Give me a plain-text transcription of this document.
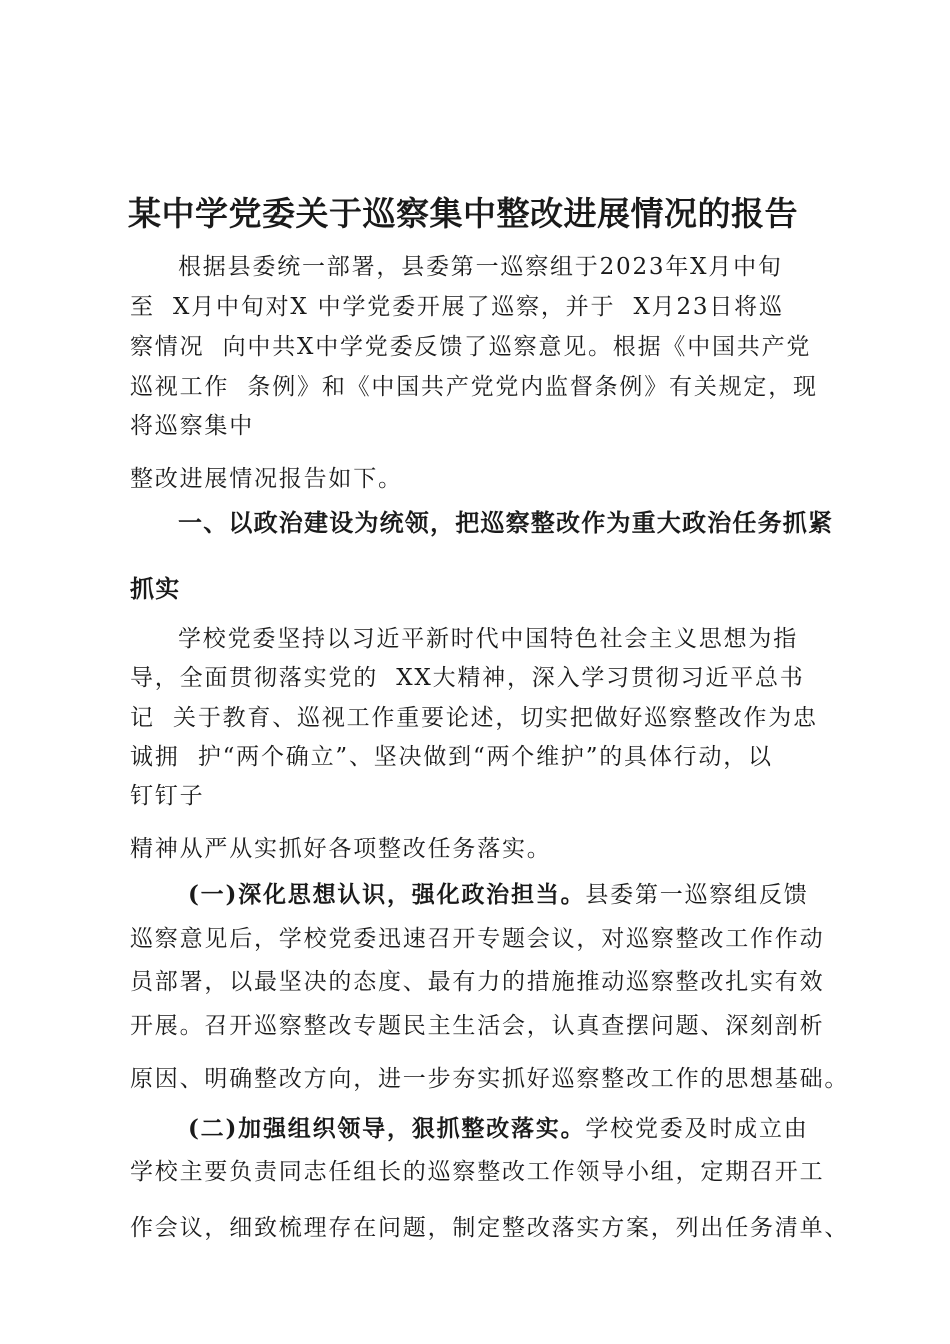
某中学党委关于巡察集中整改进展情况的报告
根据县委统一部署，县委第一巡察组于2023年X月中旬
至  X月中旬对X 中学党委开展了巡察，并于  X月23日将巡
察情况  向中共X中学党委反馈了巡察意见。根据《中国共产党
巡视工作  条例》和《中国共产党党内监督条例》有关规定，现
将巡察集中
整改进展情况报告如下。
一、以政治建设为统领，把巡察整改作为重大政治任务抓紧
抓实
学校党委坚持以习近平新时代中国特色社会主义思想为指
导，全面贯彻落实党的  XX大精神，深入学习贯彻习近平总书
记  关于教育、巡视工作重要论述，切实把做好巡察整改作为忠
诚拥  护“两个确立”、坚决做到“两个维护”的具体行动，以
钉钉子
精神从严从实抓好各项整改任务落实。
(一)深化思想认识，强化政治担当。县委第一巡察组反馈
巡察意见后，学校党委迅速召开专题会议，对巡察整改工作作动
员部署，以最坚决的态度、最有力的措施推动巡察整改扎实有效
开展。召开巡察整改专题民主生活会，认真查摆问题、深刻剖析
原因、明确整改方向，进一步夯实抓好巡察整改工作的思想基础。
(二)加强组织领导，狠抓整改落实。学校党委及时成立由
学校主要负责同志任组长的巡察整改工作领导小组，定期召开工
作会议，细致梳理存在问题，制定整改落实方案，列出任务清单、
